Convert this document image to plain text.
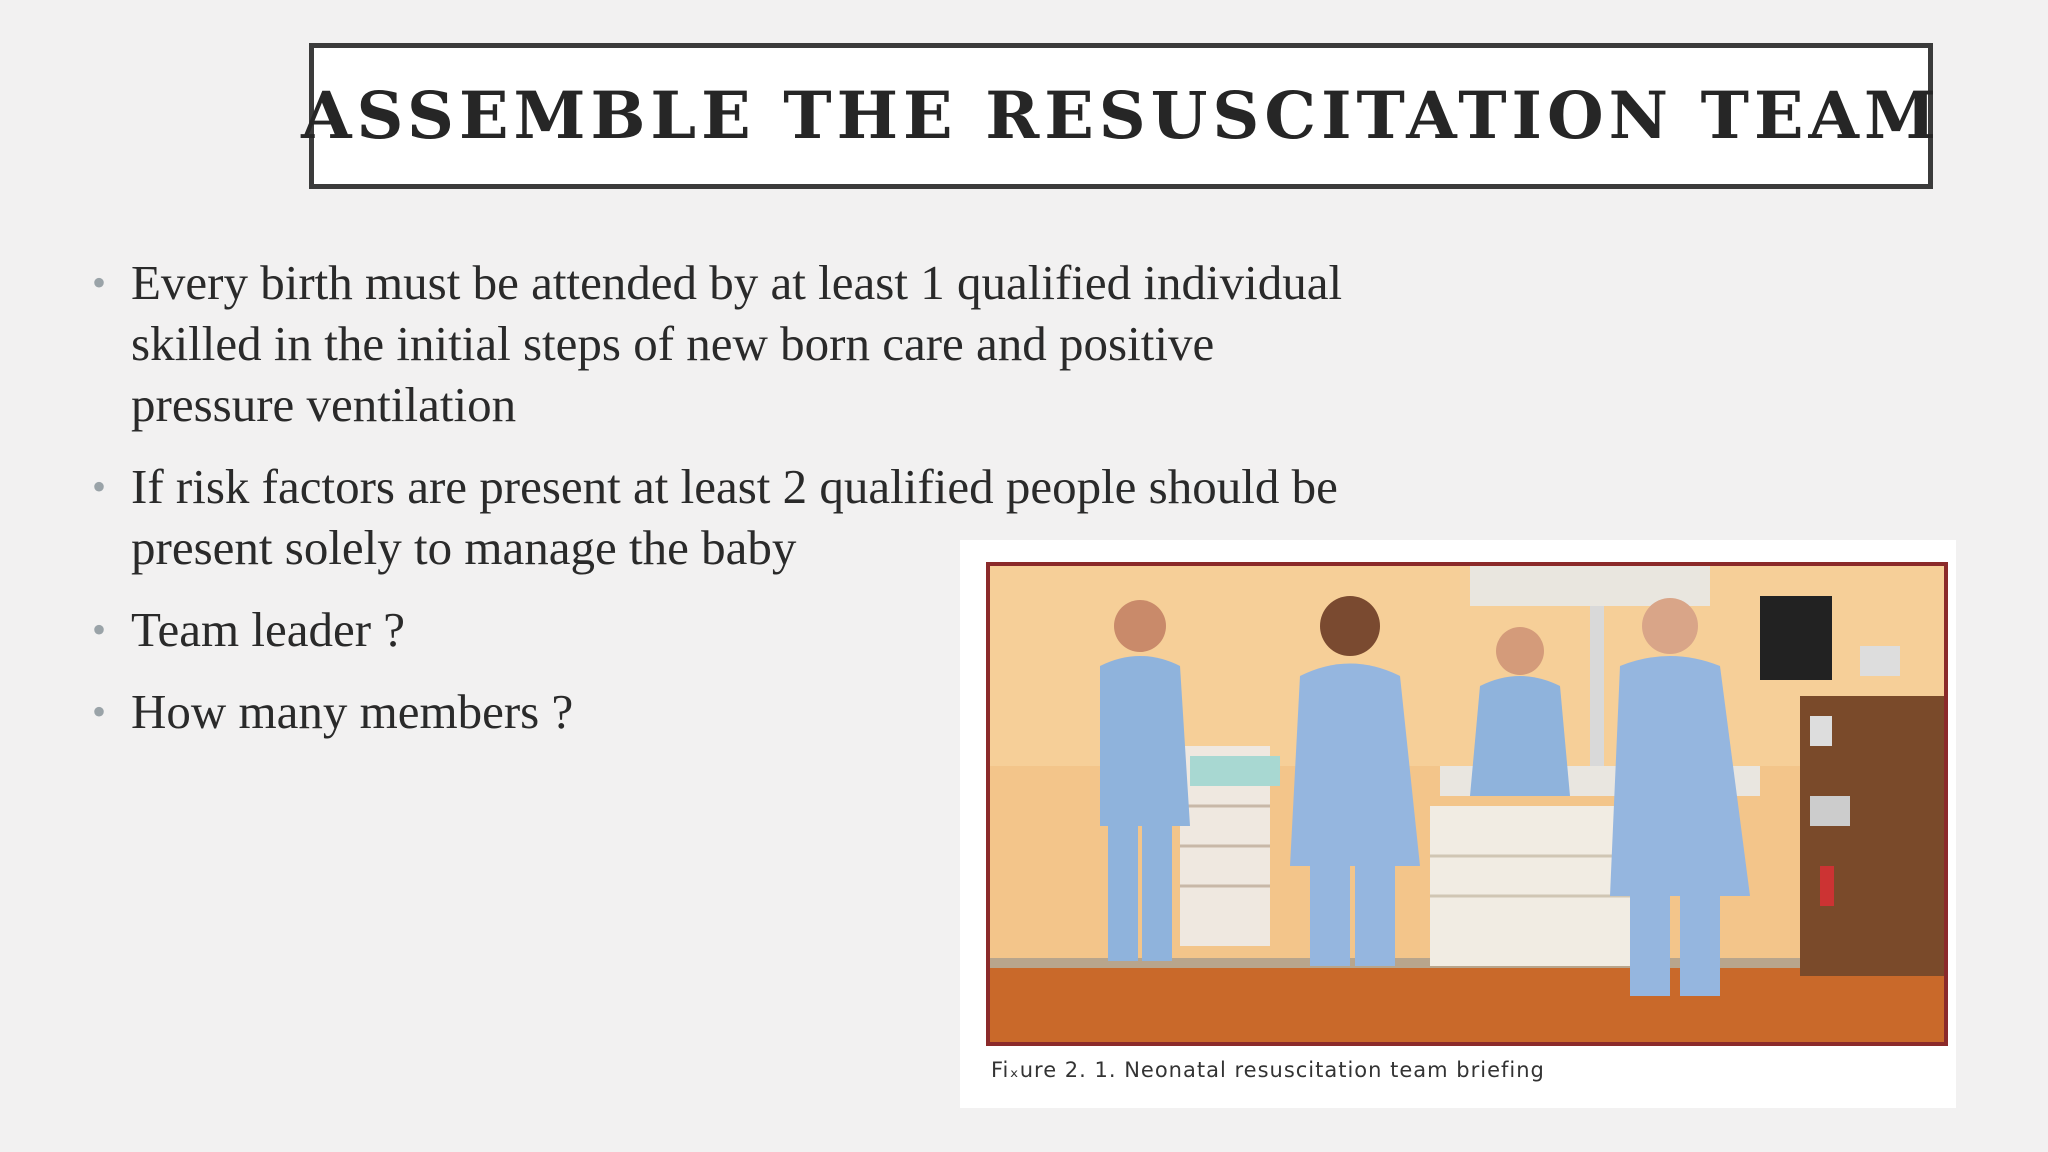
ASSEMBLE THE RESUSCITATION TEAM
• Every birth must be attended by at least 1 qualified individual skilled in the initial steps of new born care and positive pressure ventilation
• If risk factors are present at least 2 qualified people should be present solely to manage the baby
• Team leader ?
• How many members ?
Fiₓure 2. 1. Neonatal resuscitation team briefing
